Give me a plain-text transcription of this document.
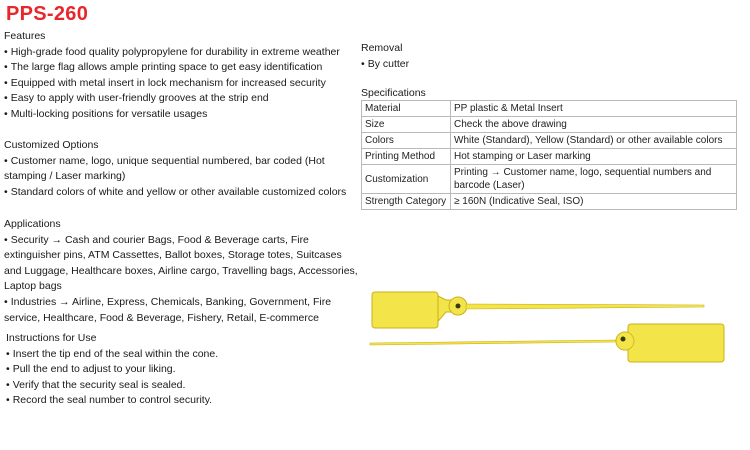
PPS-260
Features
• High-grade food quality polypropylene for durability in extreme weather
• The large flag allows ample printing space to get easy identification
• Equipped with metal insert in lock mechanism for increased security
• Easy to apply with user-friendly grooves at the strip end
• Multi-locking positions for versatile usages
Customized Options
• Customer name, logo, unique sequential numbered, bar coded (Hot stamping / Laser marking)
• Standard colors of white and yellow or other available customized colors
Applications
• Security → Cash and courier Bags, Food & Beverage carts, Fire extinguisher pins, ATM Cassettes, Ballot boxes, Storage totes, Suitcases and Luggage, Healthcare boxes, Airline cargo, Travelling bags, Accessories, Laptop bags
• Industries → Airline, Express, Chemicals, Banking, Government, Fire service, Healthcare, Food & Beverage, Fishery, Retail, E-commerce
Instructions for Use
• Insert the tip end of the seal within the cone.
• Pull the end to adjust to your liking.
• Verify that the security seal is sealed.
• Record the seal number to control security.
Removal
• By cutter
Specifications
Material	PP plastic & Metal Insert
Size	Check the above drawing
Colors	White (Standard), Yellow (Standard) or other available colors
Printing Method	Hot stamping or Laser marking
Customization	Printing → Customer name, logo, sequential numbers and barcode (Laser)
Strength Category	≥ 160N (Indicative Seal, ISO)
